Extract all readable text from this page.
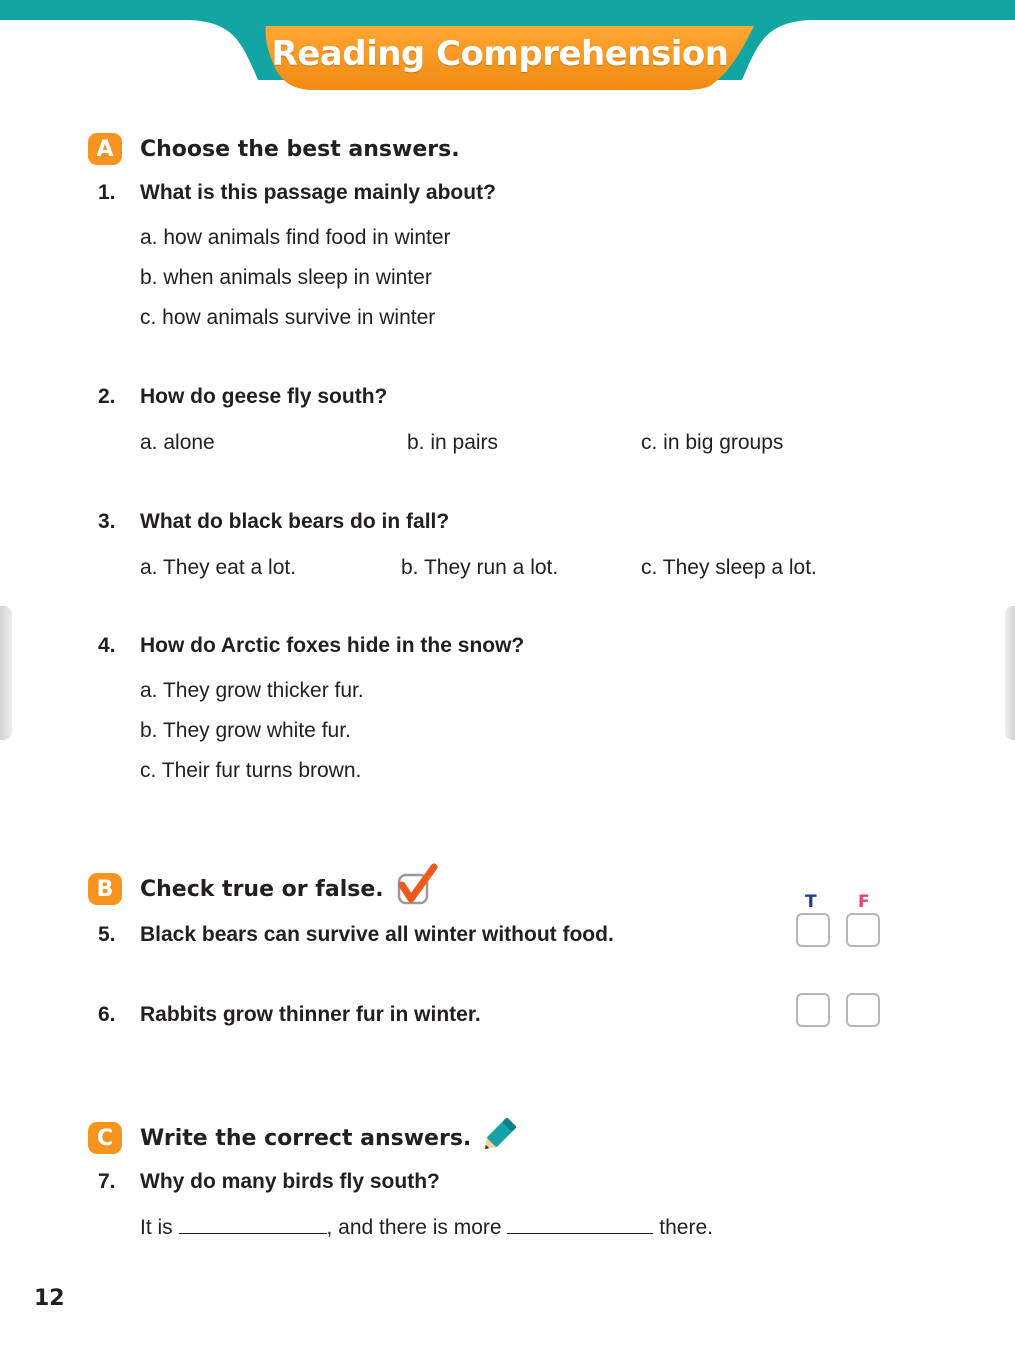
Reading Comprehension
A	Choose the best answers.
1. What is this passage mainly about?
a. how animals find food in winter
b. when animals sleep in winter
c. how animals survive in winter
2. How do geese fly south?
a. alone	b. in pairs	c. in big groups
3. What do black bears do in fall?
a. They eat a lot.	b. They run a lot.	c. They sleep a lot.
4. How do Arctic foxes hide in the snow?
a. They grow thicker fur.
b. They grow white fur.
c. Their fur turns brown.
B	Check true or false.
T F
5. Black bears can survive all winter without food.
6. Rabbits grow thinner fur in winter.
C	Write the correct answers.
7. Why do many birds fly south?
It is	, and there is more	there.
12
